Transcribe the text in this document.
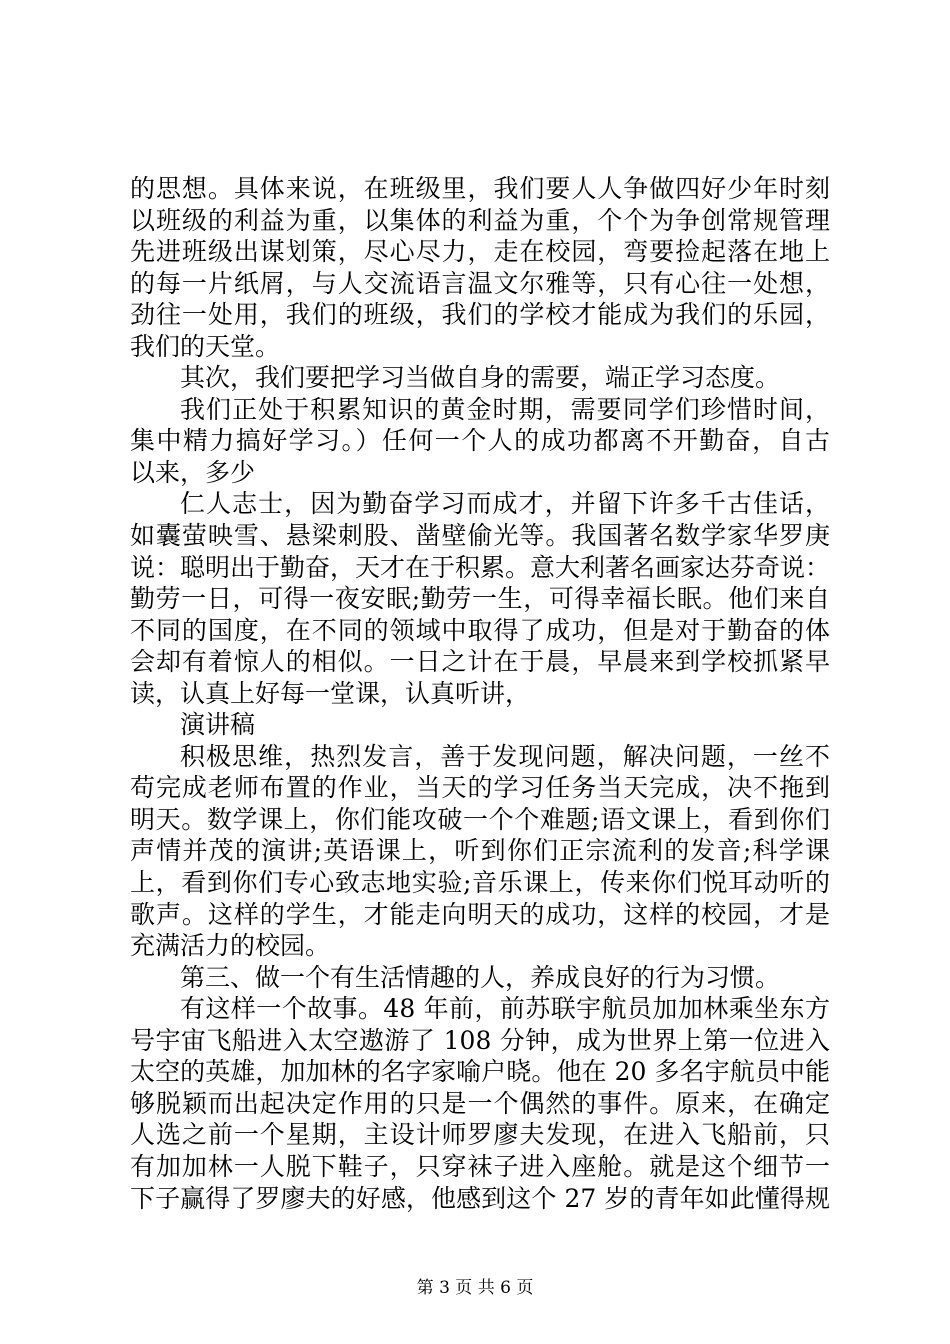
的思想。具体来说，在班级里，我们要人人争做四好少年时刻
以班级的利益为重，以集体的利益为重，个个为争创常规管理
先进班级出谋划策，尽心尽力，走在校园，弯要捡起落在地上
的每一片纸屑，与人交流语言温文尔雅等，只有心往一处想，
劲往一处用，我们的班级，我们的学校才能成为我们的乐园，
我们的天堂。
其次，我们要把学习当做自身的需要，端正学习态度。
我们正处于积累知识的黄金时期，需要同学们珍惜时间，
集中精力搞好学习。）任何一个人的成功都离不开勤奋，自古
以来，多少
仁人志士，因为勤奋学习而成才，并留下许多千古佳话，
如囊萤映雪、悬梁刺股、凿壁偷光等。我国著名数学家华罗庚
说：聪明出于勤奋，天才在于积累。意大利著名画家达芬奇说：
勤劳一日，可得一夜安眠;勤劳一生，可得幸福长眠。他们来自
不同的国度，在不同的领域中取得了成功，但是对于勤奋的体
会却有着惊人的相似。一日之计在于晨，早晨来到学校抓紧早
读，认真上好每一堂课，认真听讲，
演讲稿
积极思维，热烈发言，善于发现问题，解决问题，一丝不
苟完成老师布置的作业，当天的学习任务当天完成，决不拖到
明天。数学课上，你们能攻破一个个难题;语文课上，看到你们
声情并茂的演讲;英语课上，听到你们正宗流利的发音;科学课
上，看到你们专心致志地实验;音乐课上，传来你们悦耳动听的
歌声。这样的学生，才能走向明天的成功，这样的校园，才是
充满活力的校园。
第三、做一个有生活情趣的人，养成良好的行为习惯。
有这样一个故事。48 年前，前苏联宇航员加加林乘坐东方
号宇宙飞船进入太空遨游了 108 分钟，成为世界上第一位进入
太空的英雄，加加林的名字家喻户晓。他在 20 多名宇航员中能
够脱颖而出起决定作用的只是一个偶然的事件。原来，在确定
人选之前一个星期，主设计师罗廖夫发现，在进入飞船前，只
有加加林一人脱下鞋子，只穿袜子进入座舱。就是这个细节一
下子赢得了罗廖夫的好感，他感到这个 27 岁的青年如此懂得规
第 3 页 共 6 页
